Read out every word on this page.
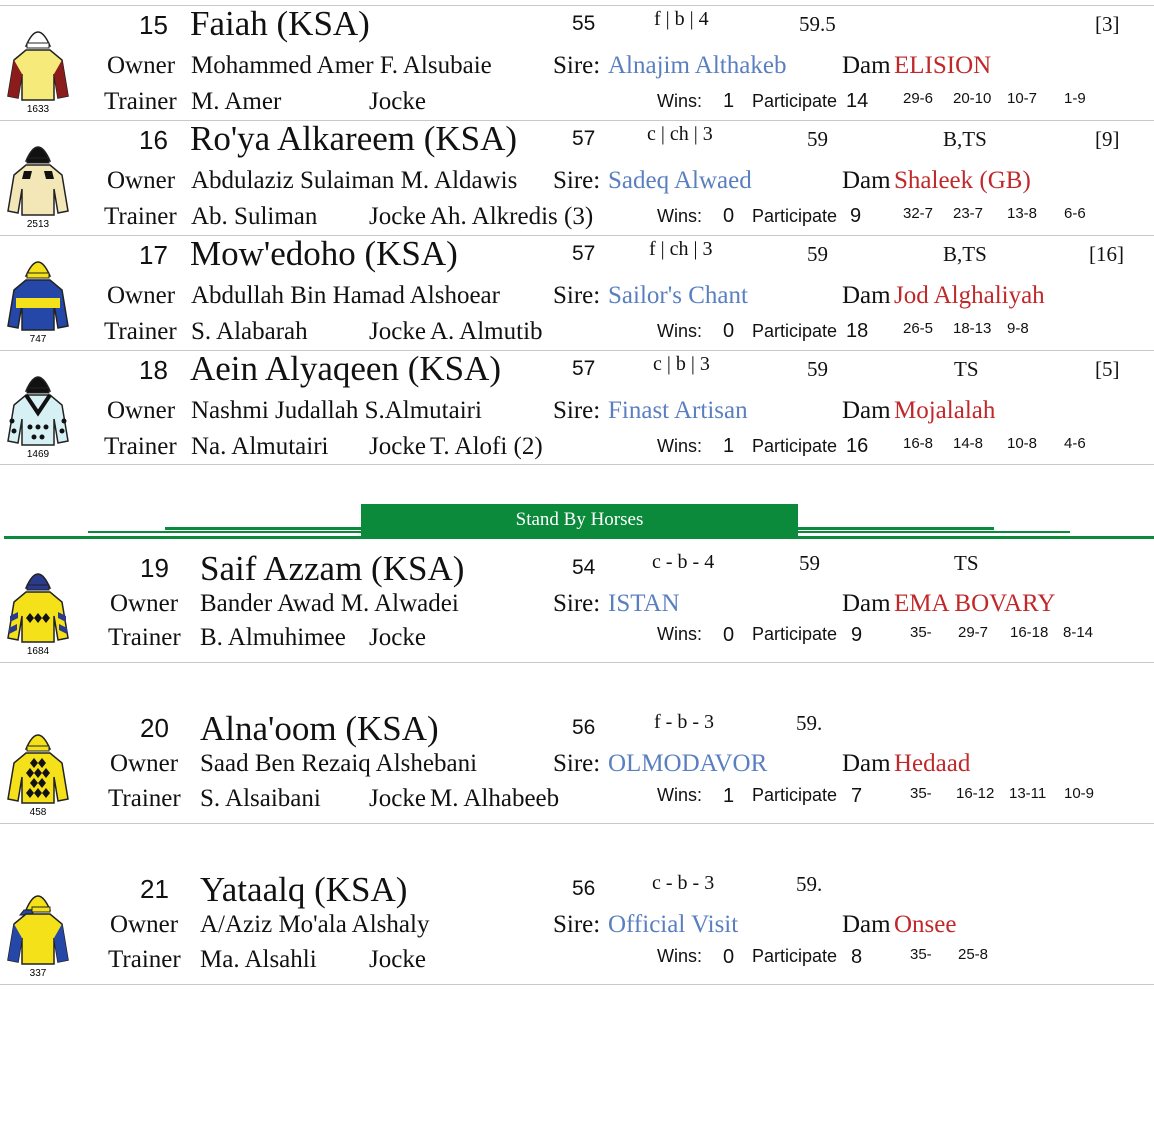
1633
15 Faiah (KSA)	55	f | b | 4	59.5	[3]
Owner Mohammed Amer F. Alsubaie Sire: Alnajim Althakeb Dam ELISION
Trainer M. Amer	Jocke	Wins: 1 Participate 14 29-6 20-10 10-7 1-9
2513
16 Ro'ya Alkareem (KSA)	57	c | ch | 3	59	B,TS	[9]
Owner Abdulaziz Sulaiman M. Aldawis Sire: Sadeq Alwaed	Dam Shaleek (GB)
Trainer Ab. Suliman Jocke Ah. Alkredis (3)	Wins: 0 Participate 9	32-7 23-7 13-8 6-6
747
17 Mow'edoho (KSA)	57	f | ch | 3	59	B,TS	[16]
Owner Abdullah Bin Hamad Alshoear Sire: Sailor's Chant	Dam Jod Alghaliyah
Trainer S. Alabarah Jocke A. Almutib	Wins: 0 Participate 18 26-5 18-13 9-8
1469
18 Aein Alyaqeen (KSA)	57	c | b | 3	59	TS	[5]
Owner Nashmi Judallah S.Almutairi	Sire: Finast Artisan	Dam Mojalalah
Trainer Na. Almutairi Jocke T. Alofi (2)	Wins: 1 Participate 16 16-8 14-8 10-8 4-6
Stand By Horses
1684
19 Saif Azzam (KSA)	54	c - b - 4	59	TS
Owner Bander Awad M. Alwadei	Sire: ISTAN	Dam EMA BOVARY
Trainer B. Almuhimee Jocke	Wins: 0 Participate 9	35- 29-7 16-18 8-14
458
20 Alna'oom (KSA)	56	f - b - 3	59.
Owner Saad Ben Rezaiq Alshebani	Sire: OLMODAVOR	Dam Hedaad
Trainer S. Alsaibani Jocke M. Alhabeeb	Wins: 1 Participate 7	35- 16-12 13-11 10-9
337
21 Yataalq (KSA)	56	c - b - 3	59.
Owner A/Aziz Mo'ala Alshaly	Sire: Official Visit	Dam Onsee
Trainer Ma. Alsahli Jocke	Wins: 0 Participate 8	35- 25-8
